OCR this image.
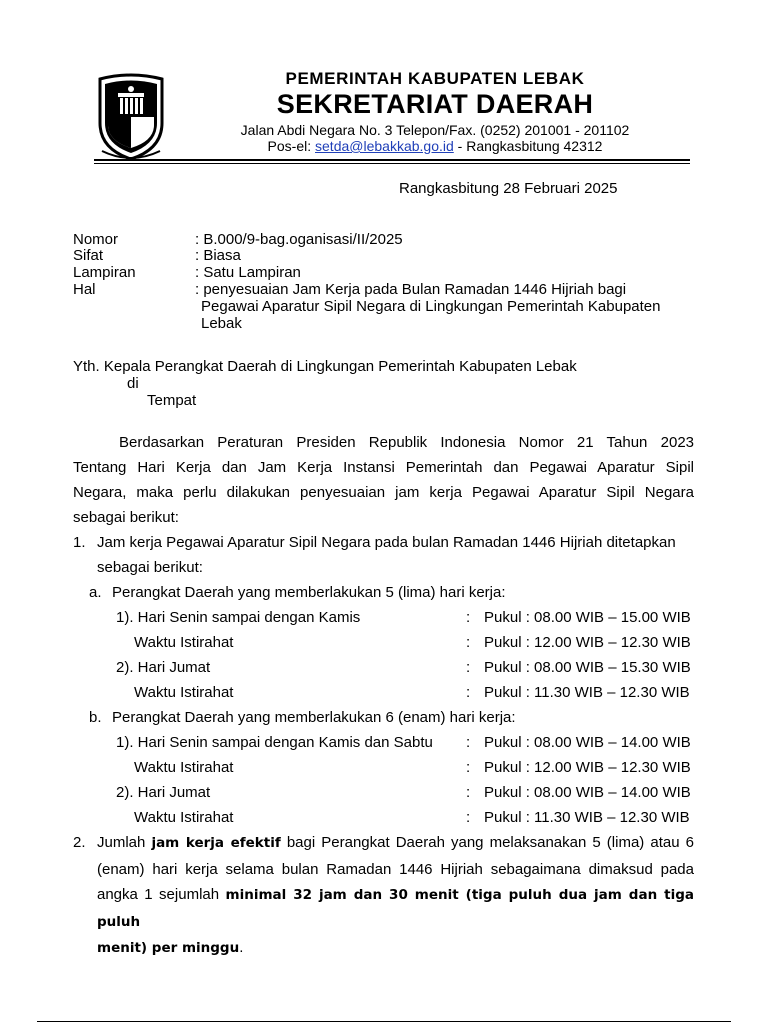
PEMERINTAH KABUPATEN LEBAK
SEKRETARIAT DAERAH
Jalan Abdi Negara No. 3 Telepon/Fax. (0252) 201001 - 201102
Pos-el: setda@lebakkab.go.id - Rangkasbitung 42312
Rangkasbitung 28 Februari 2025
Nomor	: B.000/9-bag.oganisasi/II/2025
Sifat	: Biasa
Lampiran	: Satu Lampiran
Hal	: penyesuaian Jam Kerja pada Bulan Ramadan 1446 Hijriah bagi
Pegawai Aparatur Sipil Negara di Lingkungan Pemerintah Kabupaten
Lebak
Yth. Kepala Perangkat Daerah di Lingkungan Pemerintah Kabupaten Lebak
di
Tempat
Berdasarkan Peraturan Presiden Republik Indonesia Nomor 21 Tahun 2023
Tentang Hari Kerja dan Jam Kerja Instansi Pemerintah dan Pegawai Aparatur Sipil
Negara, maka perlu dilakukan penyesuaian jam kerja Pegawai Aparatur Sipil Negara
sebagai berikut:
1. Jam kerja Pegawai Aparatur Sipil Negara pada bulan Ramadan 1446 Hijriah ditetapkan
sebagai berikut:
a. Perangkat Daerah yang memberlakukan 5 (lima) hari kerja:
1). Hari Senin sampai dengan Kamis	: Pukul : 08.00 WIB – 15.00 WIB
Waktu Istirahat	: Pukul : 12.00 WIB – 12.30 WIB
2). Hari Jumat	: Pukul : 08.00 WIB – 15.30 WIB
Waktu Istirahat	: Pukul : 11.30 WIB – 12.30 WIB
b. Perangkat Daerah yang memberlakukan 6 (enam) hari kerja:
1). Hari Senin sampai dengan Kamis dan Sabtu : Pukul : 08.00 WIB – 14.00 WIB
Waktu Istirahat	: Pukul : 12.00 WIB – 12.30 WIB
2). Hari Jumat	: Pukul : 08.00 WIB – 14.00 WIB
Waktu Istirahat	: Pukul : 11.30 WIB – 12.30 WIB
2. Jumlah jam kerja efektif bagi Perangkat Daerah yang melaksanakan 5 (lima) atau 6
(enam) hari kerja selama bulan Ramadan 1446 Hijriah sebagaimana dimaksud pada
angka 1 sejumlah minimal 32 jam dan 30 menit (tiga puluh dua jam dan tiga puluh
menit) per minggu.
